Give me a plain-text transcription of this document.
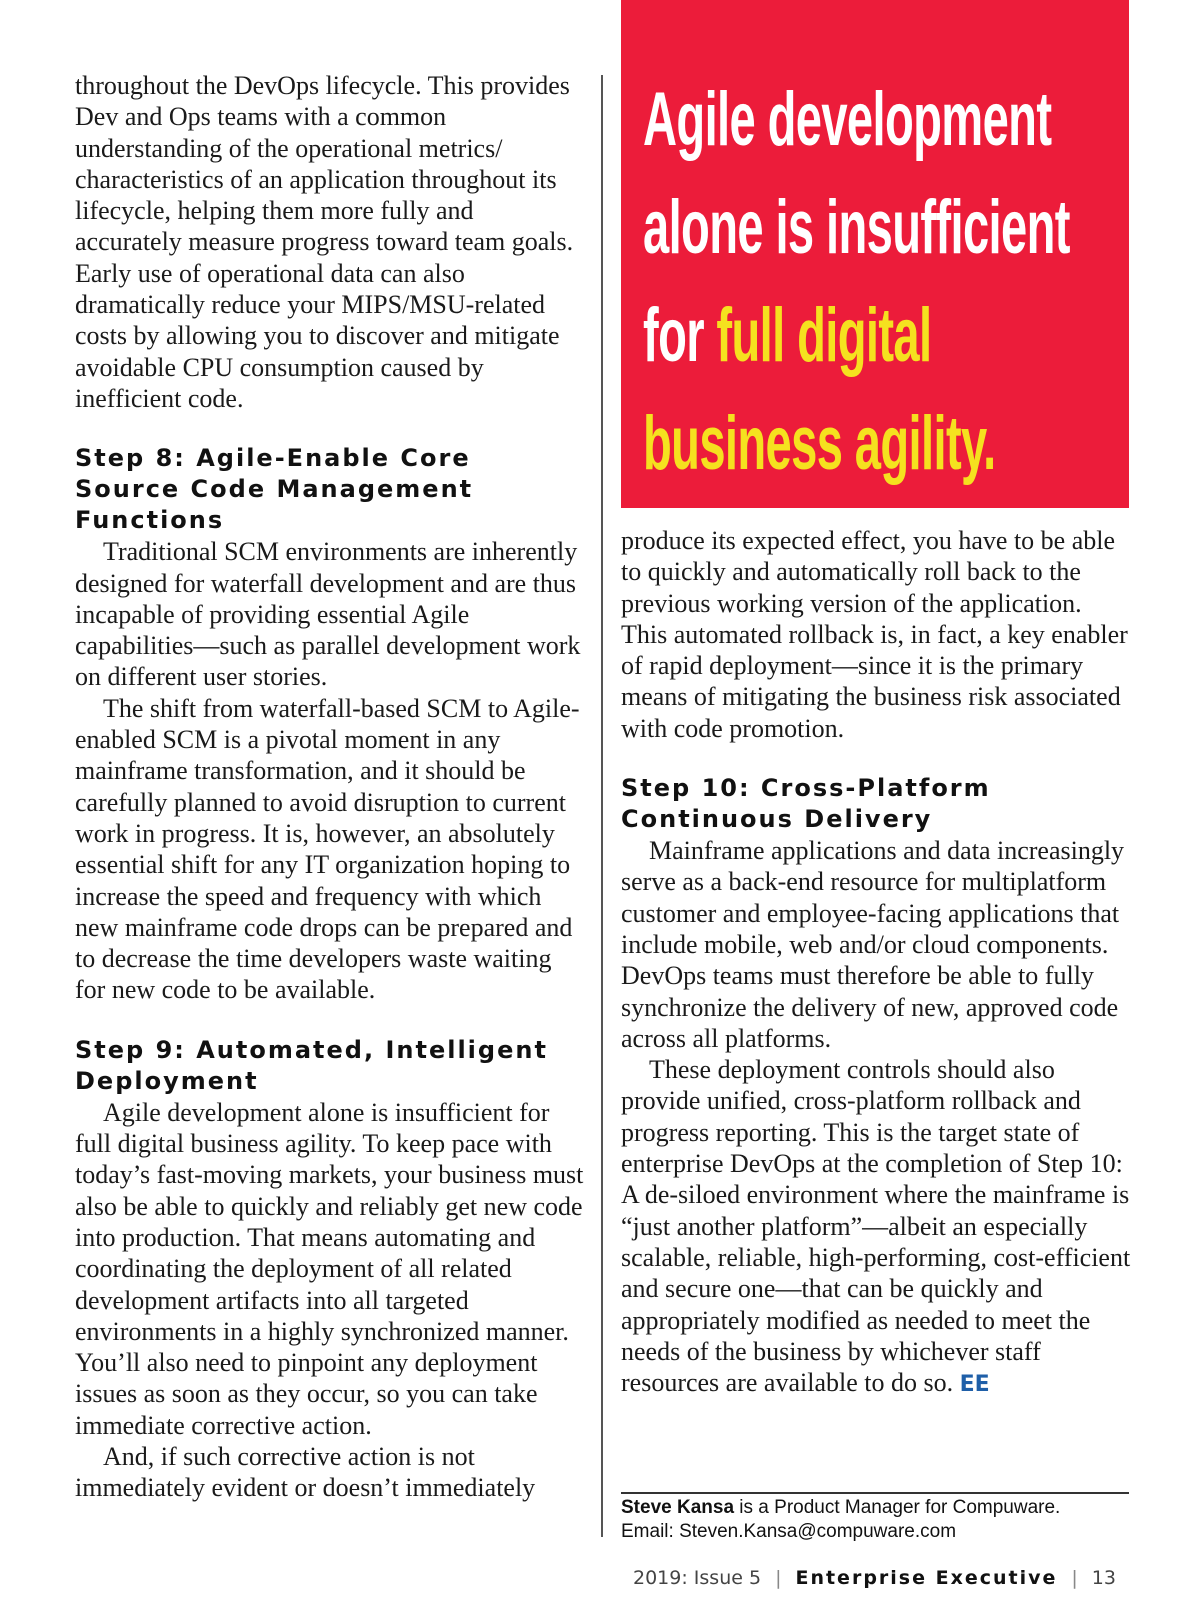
throughout the DevOps lifecycle. This provides Dev and Ops teams with a common understanding of the operational metrics/ characteristics of an application throughout its lifecycle, helping them more fully and accurately measure progress toward team goals. Early use of operational data can also dramatically reduce your MIPS/MSU-related costs by allowing you to discover and mitigate avoidable CPU consumption caused by inefficient code.

Step 8: Agile-Enable Core Source Code Management Functions

Traditional SCM environments are inherently designed for waterfall development and are thus incapable of providing essential Agile capabilities—such as parallel development work on different user stories.

The shift from waterfall-based SCM to Agile-enabled SCM is a pivotal moment in any mainframe transformation, and it should be carefully planned to avoid disruption to current work in progress. It is, however, an absolutely essential shift for any IT organization hoping to increase the speed and frequency with which new mainframe code drops can be prepared and to decrease the time developers waste waiting for new code to be available.

Step 9: Automated, Intelligent Deployment

Agile development alone is insufficient for full digital business agility. To keep pace with today’s fast-moving markets, your business must also be able to quickly and reliably get new code into production. That means automating and coordinating the deployment of all related development artifacts into all targeted environments in a highly synchronized manner. You’ll also need to pinpoint any deployment issues as soon as they occur, so you can take immediate corrective action.

And, if such corrective action is not immediately evident or doesn’t immediately

Agile development
alone is insufficient
for full digital
business agility.

produce its expected effect, you have to be able to quickly and automatically roll back to the previous working version of the application. This automated rollback is, in fact, a key enabler of rapid deployment—since it is the primary means of mitigating the business risk associated with code promotion.

Step 10: Cross-Platform Continuous Delivery

Mainframe applications and data increasingly serve as a back-end resource for multiplatform customer and employee-facing applications that include mobile, web and/or cloud components. DevOps teams must therefore be able to fully synchronize the delivery of new, approved code across all platforms.

These deployment controls should also provide unified, cross-platform rollback and progress reporting. This is the target state of enterprise DevOps at the completion of Step 10: A de-siloed environment where the mainframe is “just another platform”—albeit an especially scalable, reliable, high-performing, cost-efficient and secure one—that can be quickly and appropriately modified as needed to meet the needs of the business by whichever staff resources are available to do so. EE

Steve Kansa is a Product Manager for Compuware.
Email: Steven.Kansa@compuware.com
2019: Issue 5 | Enterprise Executive | 13
